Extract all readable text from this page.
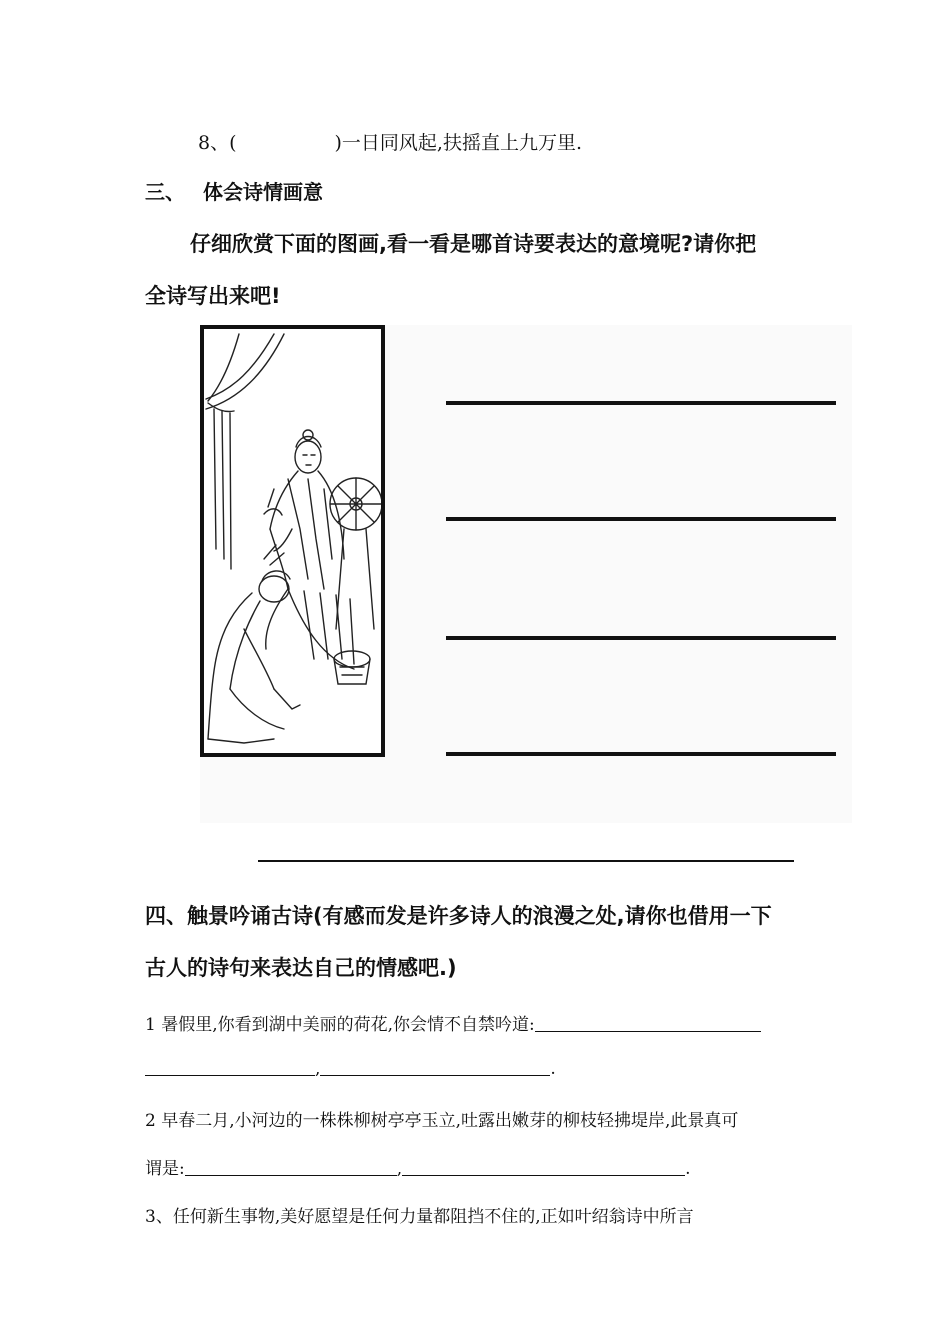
8、(	)一日同风起,扶摇直上九万里.
三、 体会诗情画意
仔细欣赏下面的图画,看一看是哪首诗要表达的意境呢?请你把
全诗写出来吧!
四、触景吟诵古诗(有感而发是许多诗人的浪漫之处,请你也借用一下
古人的诗句来表达自己的情感吧.)
1 暑假里,你看到湖中美丽的荷花,你会情不自禁吟道:
,	.
2 早春二月,小河边的一株株柳树亭亭玉立,吐露出嫩芽的柳枝轻拂堤岸,此景真可
谓是:	,	.
3、任何新生事物,美好愿望是任何力量都阻挡不住的,正如叶绍翁诗中所言
